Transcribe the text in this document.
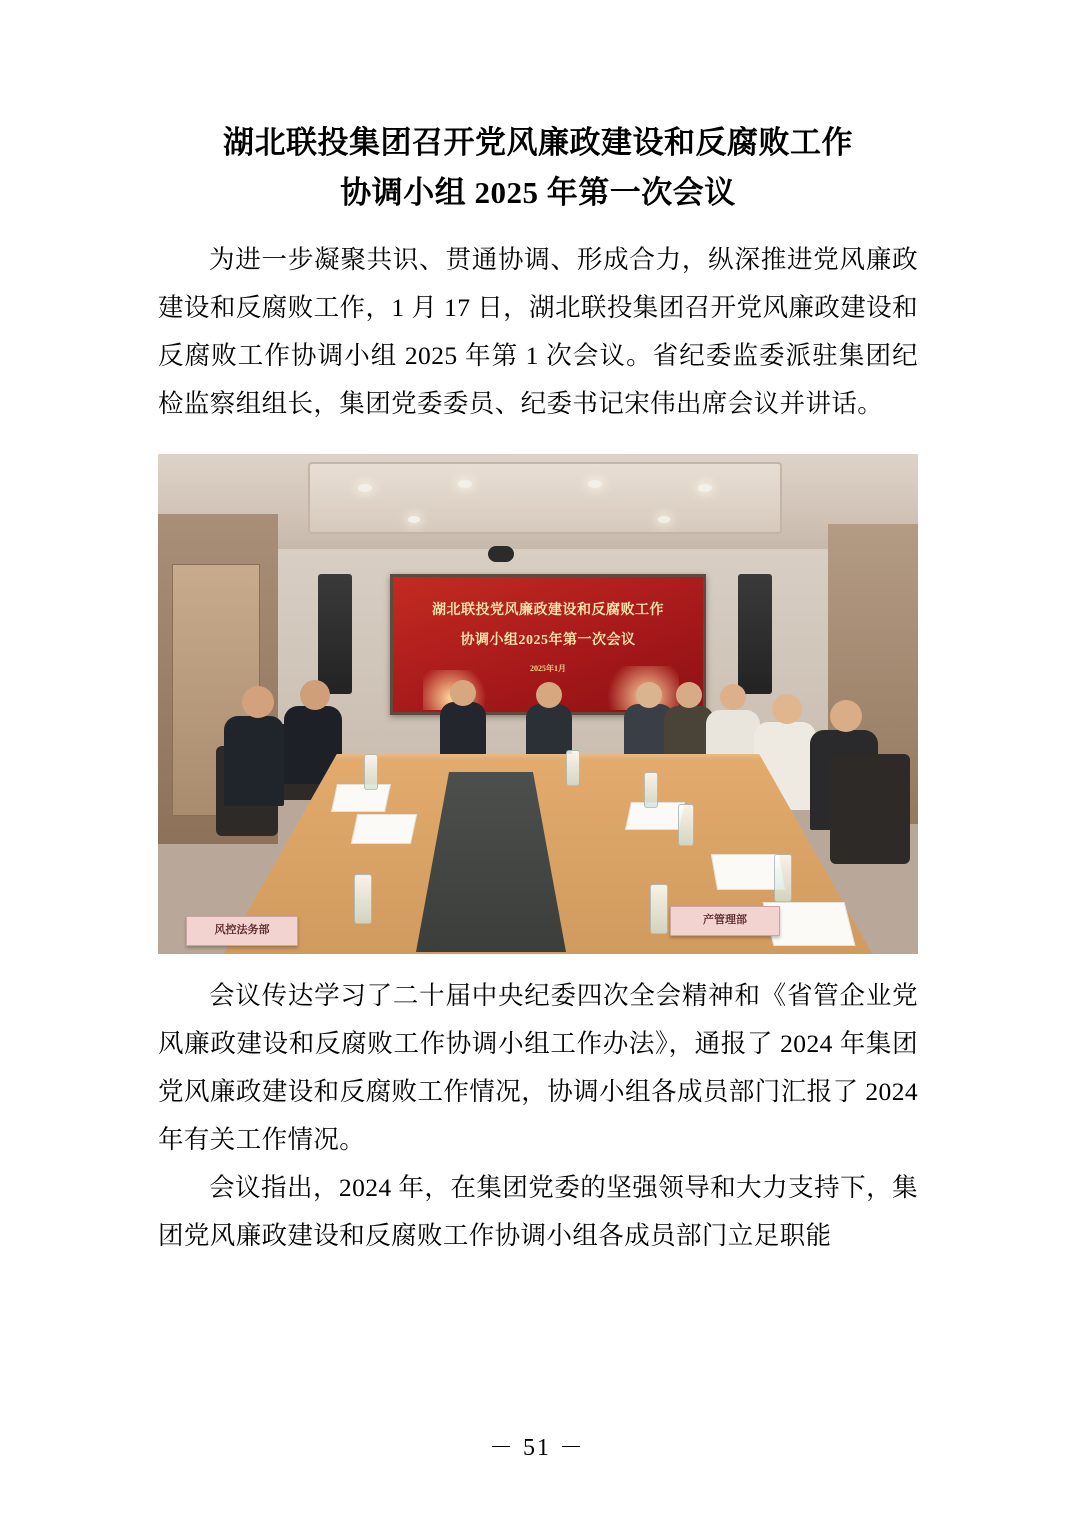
湖北联投集团召开党风廉政建设和反腐败工作
协调小组 2025 年第一次会议

为进一步凝聚共识、贯通协调、形成合力，纵深推进党风廉政建设和反腐败工作，1 月 17 日，湖北联投集团召开党风廉政建设和反腐败工作协调小组 2025 年第 1 次会议。省纪委监委派驻集团纪检监察组组长，集团党委委员、纪委书记宋伟出席会议并讲话。

湖北联投党风廉政建设和反腐败工作
协调小组2025年第一次会议
2025年1月
风控法务部
产管理部

会议传达学习了二十届中央纪委四次全会精神和《省管企业党风廉政建设和反腐败工作协调小组工作办法》，通报了 2024 年集团党风廉政建设和反腐败工作情况，协调小组各成员部门汇报了 2024 年有关工作情况。

会议指出，2024 年，在集团党委的坚强领导和大力支持下，集团党风廉政建设和反腐败工作协调小组各成员部门立足职能

－ 51 －
